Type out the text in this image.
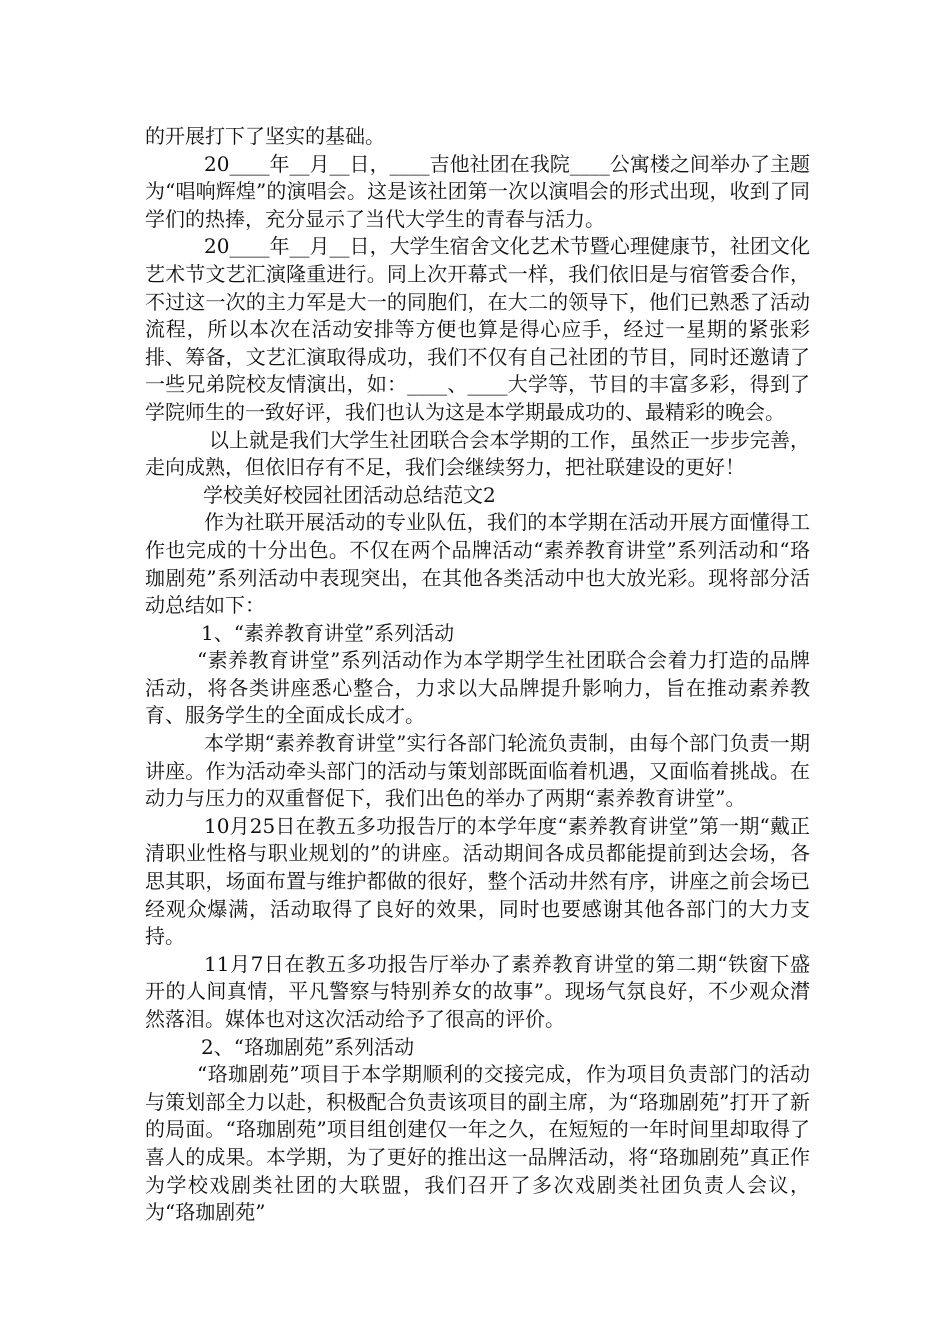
的开展打下了坚实的基础。

20____年__月__日，____吉他社团在我院____公寓楼之间举办了主题为“唱响辉煌”的演唱会。这是该社团第一次以演唱会的形式出现，收到了同学们的热捧，充分显示了当代大学生的青春与活力。

20____年__月__日，大学生宿舍文化艺术节暨心理健康节，社团文化艺术节文艺汇演隆重进行。同上次开幕式一样，我们依旧是与宿管委合作，不过这一次的主力军是大一的同胞们，在大二的领导下，他们已熟悉了活动流程，所以本次在活动安排等方便也算是得心应手，经过一星期的紧张彩排、筹备，文艺汇演取得成功，我们不仅有自己社团的节目，同时还邀请了一些兄弟院校友情演出，如：____、____大学等，节目的丰富多彩，得到了学院师生的一致好评，我们也认为这是本学期最成功的、最精彩的晚会。

以上就是我们大学生社团联合会本学期的工作，虽然正一步步完善，走向成熟，但依旧存有不足，我们会继续努力，把社联建设的更好！

学校美好校园社团活动总结范文2

作为社联开展活动的专业队伍，我们的本学期在活动开展方面懂得工作也完成的十分出色。不仅在两个品牌活动“素养教育讲堂”系列活动和“珞珈剧苑”系列活动中表现突出，在其他各类活动中也大放光彩。现将部分活动总结如下：

1、“素养教育讲堂”系列活动

“素养教育讲堂”系列活动作为本学期学生社团联合会着力打造的品牌活动，将各类讲座悉心整合，力求以大品牌提升影响力，旨在推动素养教育、服务学生的全面成长成才。

本学期“素养教育讲堂”实行各部门轮流负责制，由每个部门负责一期讲座。作为活动牵头部门的活动与策划部既面临着机遇，又面临着挑战。在动力与压力的双重督促下，我们出色的举办了两期“素养教育讲堂”。

10月25日在教五多功报告厅的本学年度“素养教育讲堂”第一期“戴正清职业性格与职业规划的”的讲座。活动期间各成员都能提前到达会场，各思其职，场面布置与维护都做的很好，整个活动井然有序，讲座之前会场已经观众爆满，活动取得了良好的效果，同时也要感谢其他各部门的大力支持。

11月7日在教五多功报告厅举办了素养教育讲堂的第二期“铁窗下盛开的人间真情，平凡警察与特别养女的故事”。现场气氛良好，不少观众潸然落泪。媒体也对这次活动给予了很高的评价。

2、“珞珈剧苑”系列活动

“珞珈剧苑”项目于本学期顺利的交接完成，作为项目负责部门的活动与策划部全力以赴，积极配合负责该项目的副主席，为“珞珈剧苑”打开了新的局面。“珞珈剧苑”项目组创建仅一年之久，在短短的一年时间里却取得了喜人的成果。本学期，为了更好的推出这一品牌活动，将“珞珈剧苑”真正作为学校戏剧类社团的大联盟，我们召开了多次戏剧类社团负责人会议，为“珞珈剧苑”
